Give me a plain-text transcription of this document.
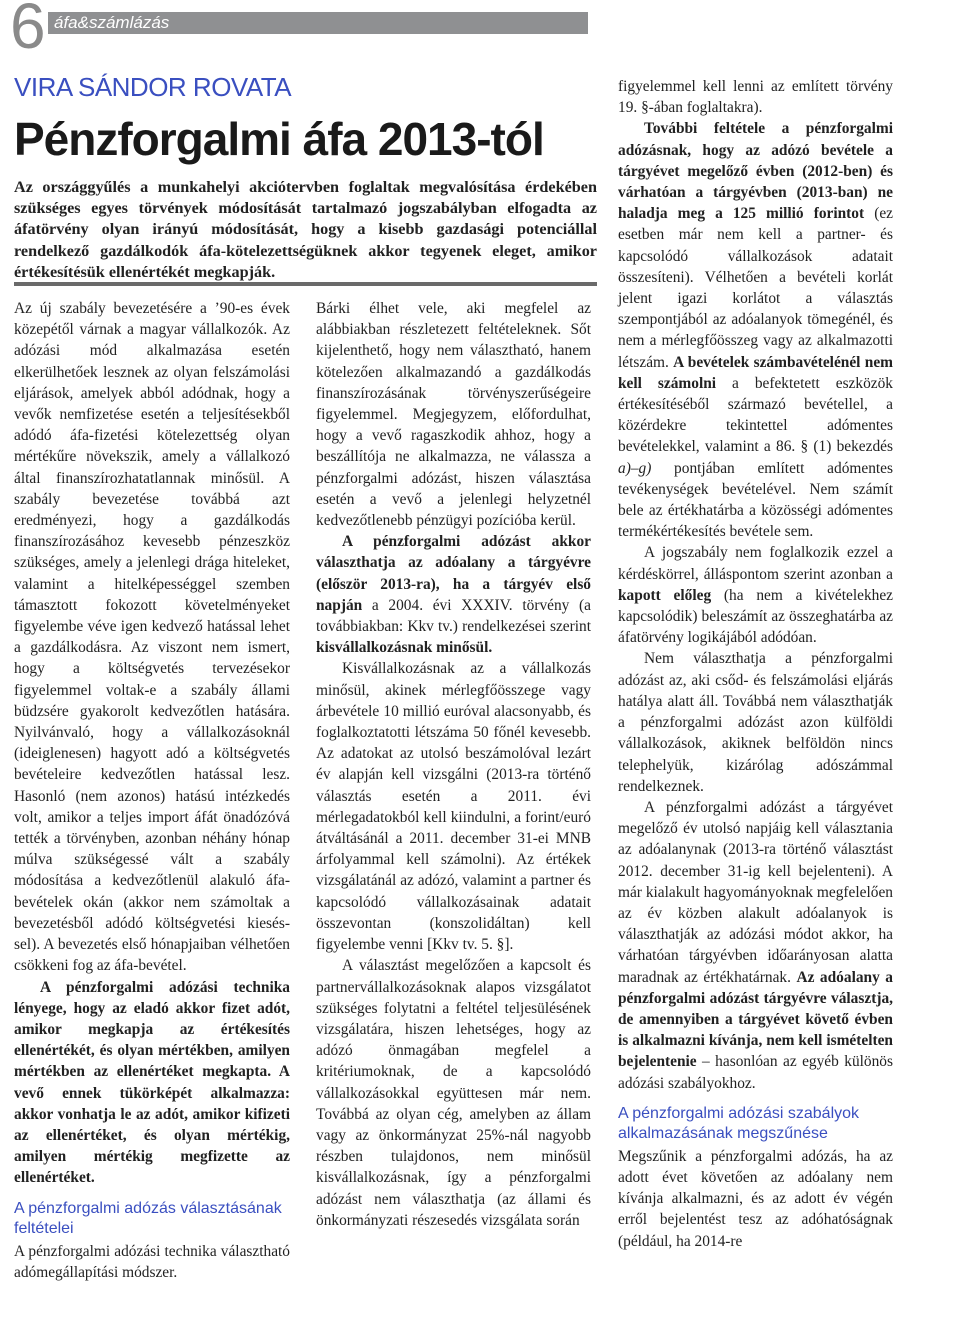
6 áfa&számlázás
VIRA SÁNDOR ROVATA
Pénzforgalmi áfa 2013-tól
Az országgyűlés a munkahelyi akciótervben foglaltak megvalósítása érdekében szükséges egyes törvények módosítását tartalmazó jogszabályban elfogadta az áfatörvény olyan irányú módosítását, hogy a kisebb gazdasági potenciállal rendelkező gazdálkodók áfa-kötelezettségüknek akkor tegyenek eleget, amikor értékesítésük ellenértékét megkapják.

Az új szabály bevezetésére a ’90-es évek közepétől várnak a magyar vállalkozók. Az adózási mód alkalmazása esetén elkerülhetőek lesznek az olyan felszámolási eljárások, amelyek abból adódnak, hogy a vevők nemfizetése esetén a teljesítésekből adódó áfa-fizetési kötelezettség olyan mértékűre növekszik, amely a vállalkozó által finanszírozhatatlannak minősül. A szabály bevezetése továbbá azt eredményezi, hogy a gazdálkodás finanszírozásához kevesebb pénzeszköz szükséges, amely a jelenlegi drága hiteleket, valamint a hitelképességgel szemben támasztott fokozott követelményeket figyelembe véve igen kedvező hatással lehet a gazdálkodásra. Az viszont nem ismert, hogy a költségvetés tervezésekor figyelemmel voltak-e a szabály állami büdzsére gyakorolt kedvezőtlen hatására. Nyilvánvaló, hogy a vállalkozásoknál (ideiglenesen) hagyott adó a költségvetés bevételeire kedvezőtlen hatással lesz. Hasonló (nem azonos) hatású intézkedés volt, amikor a teljes import áfát önadózóvá tették a törvényben, azonban néhány hónap múlva szükségessé vált a szabály módosítása a kedvezőtlenül alakuló áfa-bevételek okán (akkor nem számoltak a bevezetésből adódó költségvetési kiesés-sel). A bevezetés első hónapjaiban vélhetően csökkeni fog az áfa-bevétel.

A pénzforgalmi adózási technika lényege, hogy az eladó akkor fizet adót, amikor megkapja az értékesítés ellenértékét, és olyan mértékben, amilyen mértékben az ellenértéket megkapta. A vevő ennek tükörképét alkalmazza: akkor vonhatja le az adót, amikor kifizeti az ellenértéket, és olyan mértékig, amilyen mértékig megfizette az ellenértéket.

A pénzforgalmi adózás választásának feltételei

A pénzforgalmi adózási technika választható adómegállapítási módszer.

Bárki élhet vele, aki megfelel az alábbiakban részletezett feltételeknek. Sőt kijelenthető, hogy nem választható, hanem kötelezően alkalmazandó a gazdálkodás finanszírozásának törvényszerűségeire figyelemmel. Megjegyzem, előfordulhat, hogy a vevő ragaszkodik ahhoz, hogy a beszállítója ne alkalmazza, ne válassza a pénzforgalmi adózást, hiszen választása esetén a vevő a jelenlegi helyzetnél kedvezőtlenebb pénzügyi pozícióba kerül.

A pénzforgalmi adózást akkor választhatja az adóalany a tárgyévre (először 2013-ra), ha a tárgyév első napján a 2004. évi XXXIV. törvény (a továbbiakban: Kkv tv.) rendelkezései szerint kisvállalkozásnak minősül.

Kisvállalkozásnak az a vállalkozás minősül, akinek mérlegfőösszege vagy árbevétele 10 millió euróval alacsonyabb, és foglalkoztatotti létszáma 50 főnél kevesebb. Az adatokat az utolsó beszámolóval lezárt év alapján kell vizsgálni (2013-ra történő választás esetén a 2011. évi mérlegadatokból kell kiindulni, a forint/euró átváltásánál a 2011. december 31-ei MNB árfolyammal kell számolni). Az értékek vizsgálatánál az adózó, valamint a partner és kapcsolódó vállalkozásainak adatait összevontan (konszolidáltan) kell figyelembe venni [Kkv tv. 5. §].

A választást megelőzően a kapcsolt és partnervállalkozásoknak alapos vizsgálatot szükséges folytatni a feltétel teljesülésének vizsgálatára, hiszen lehetséges, hogy az adózó önmagában megfelel a kritériumoknak, de a kapcsolódó vállalkozásokkal együttesen már nem. Továbbá az olyan cég, amelyben az állam vagy az önkormányzat 25%-nál nagyobb részben tulajdonos, nem minősül kisvállalkozásnak, így a pénzforgalmi adózást nem választhatja (az állami és önkormányzati részesedés vizsgálata során

figyelemmel kell lenni az említett törvény 19. §-ában foglaltakra).

További feltétele a pénzforgalmi adózásnak, hogy az adózó bevétele a tárgyévet megelőző évben (2012-ben) és várhatóan a tárgyévben (2013-ban) ne haladja meg a 125 millió forintot (ez esetben már nem kell a partner- és kapcsolódó vállalkozások adatait összesíteni). Vélhetően a bevételi korlát jelent igazi korlátot a választás szempontjából az adóalanyok tömegénél, és nem a mérlegfőösszeg vagy az alkalmazotti létszám. A bevételek számbavételénél nem kell számolni a befektetett eszközök értékesítéséből származó bevétellel, a közérdekre tekintettel adómentes bevételekkel, valamint a 86. § (1) bekezdés a)–g) pontjában említett adómentes tevékenységek bevételével. Nem számít bele az értékhatárba a közösségi adómentes termékértékesítés bevétele sem.

A jogszabály nem foglalkozik ezzel a kérdéskörrel, álláspontom szerint azonban a kapott előleg (ha nem a kivételekhez kapcsolódik) beleszámít az összeghatárba az áfatörvény logikájából adódóan.

Nem választhatja a pénzforgalmi adózást az, aki csőd- és felszámolási eljárás hatálya alatt áll. Továbbá nem választhatják a pénzforgalmi adózást azon külföldi vállalkozások, akiknek belföldön nincs telephelyük, kizárólag adószámmal rendelkeznek.

A pénzforgalmi adózást a tárgyévet megelőző év utolsó napjáig kell választania az adóalanynak (2013-ra történő választást 2012. december 31-ig kell bejelenteni). A már kialakult hagyományoknak megfelelően az év közben alakult adóalanyok is választhatják az adózási módot akkor, ha várhatóan tárgyévben időarányosan alatta maradnak az értékhatárnak. Az adóalany a pénzforgalmi adózást tárgyévre választja, de amennyiben a tárgyévet követő évben is alkalmazni kívánja, nem kell ismételten bejelentenie – hasonlóan az egyéb különös adózási szabályokhoz.

A pénzforgalmi adózási szabályok alkalmazásának megszűnése

Megszűnik a pénzforgalmi adózás, ha az adott évet követően az adóalany nem kívánja alkalmazni, és az adott év végén erről bejelentést tesz az adóhatóságnak (például, ha 2014-re
